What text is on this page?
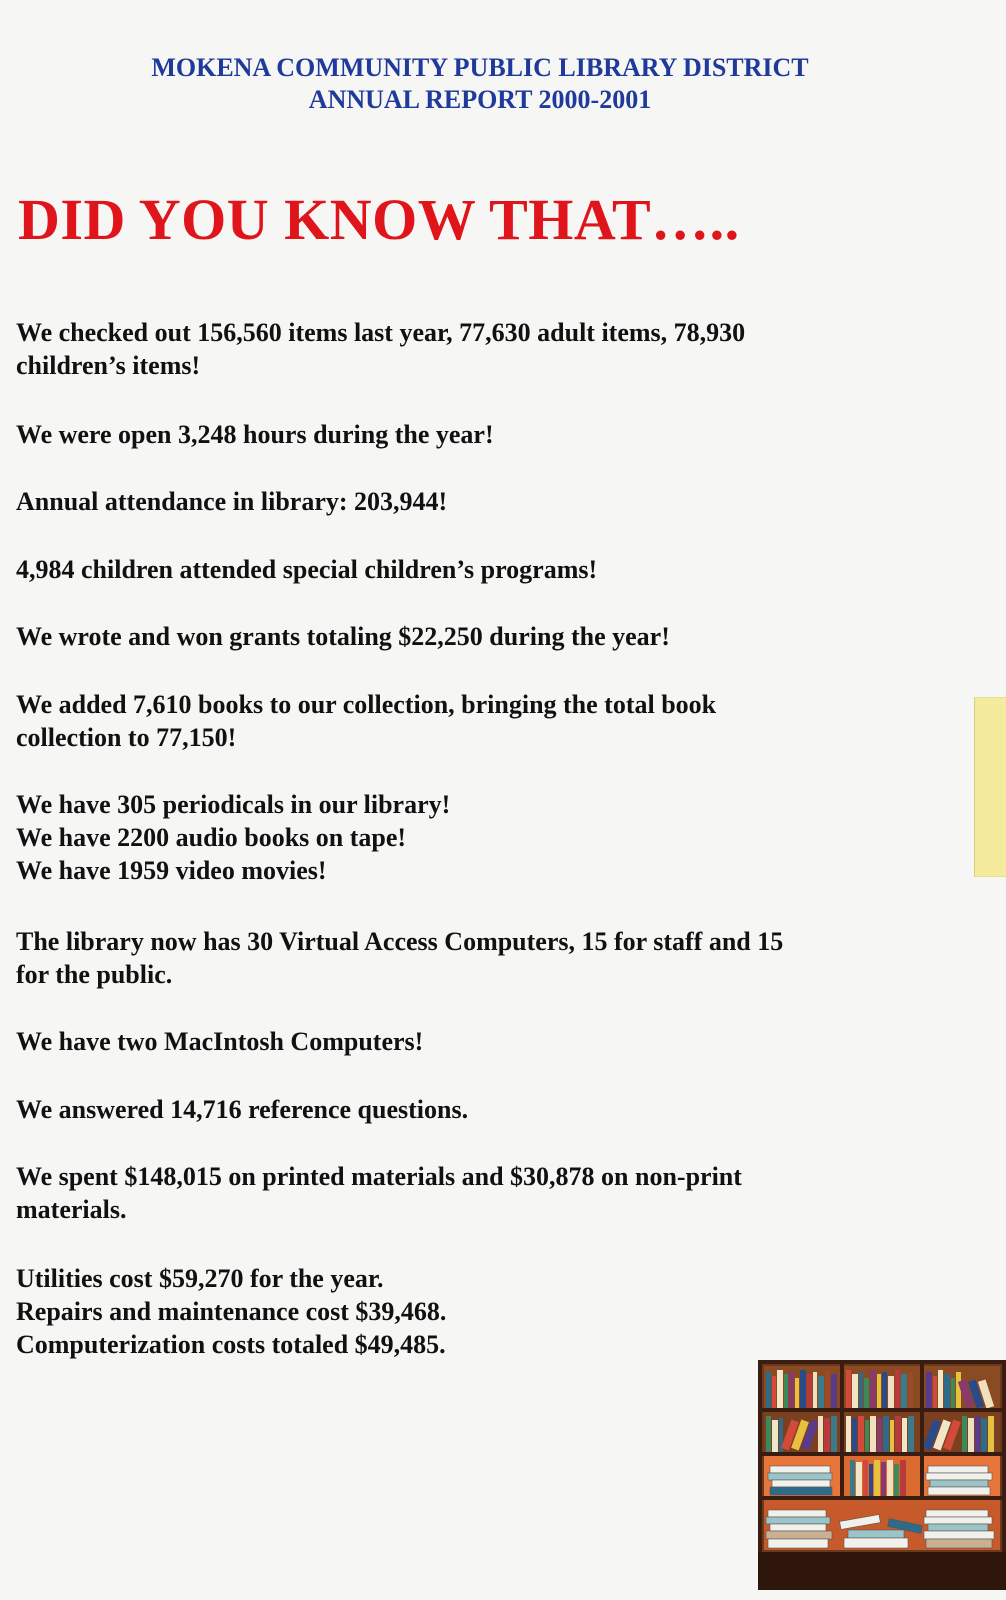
MOKENA COMMUNITY PUBLIC LIBRARY DISTRICT
ANNUAL REPORT 2000-2001
DID YOU KNOW THAT…..
We checked out 156,560 items last year, 77,630 adult items, 78,930
children’s items!
We were open 3,248 hours during the year!
Annual attendance in library: 203,944!
4,984 children attended special children’s programs!
We wrote and won grants totaling $22,250 during the year!
We added 7,610 books to our collection, bringing the total book
collection to 77,150!
We have 305 periodicals in our library!
We have 2200 audio books on tape!
We have 1959 video movies!
The library now has 30 Virtual Access Computers, 15 for staff and 15
for the public.
We have two MacIntosh Computers!
We answered 14,716 reference questions.
We spent $148,015 on printed materials and $30,878 on non-print
materials.
Utilities cost $59,270 for the year.
Repairs and maintenance cost $39,468.
Computerization costs totaled $49,485.
